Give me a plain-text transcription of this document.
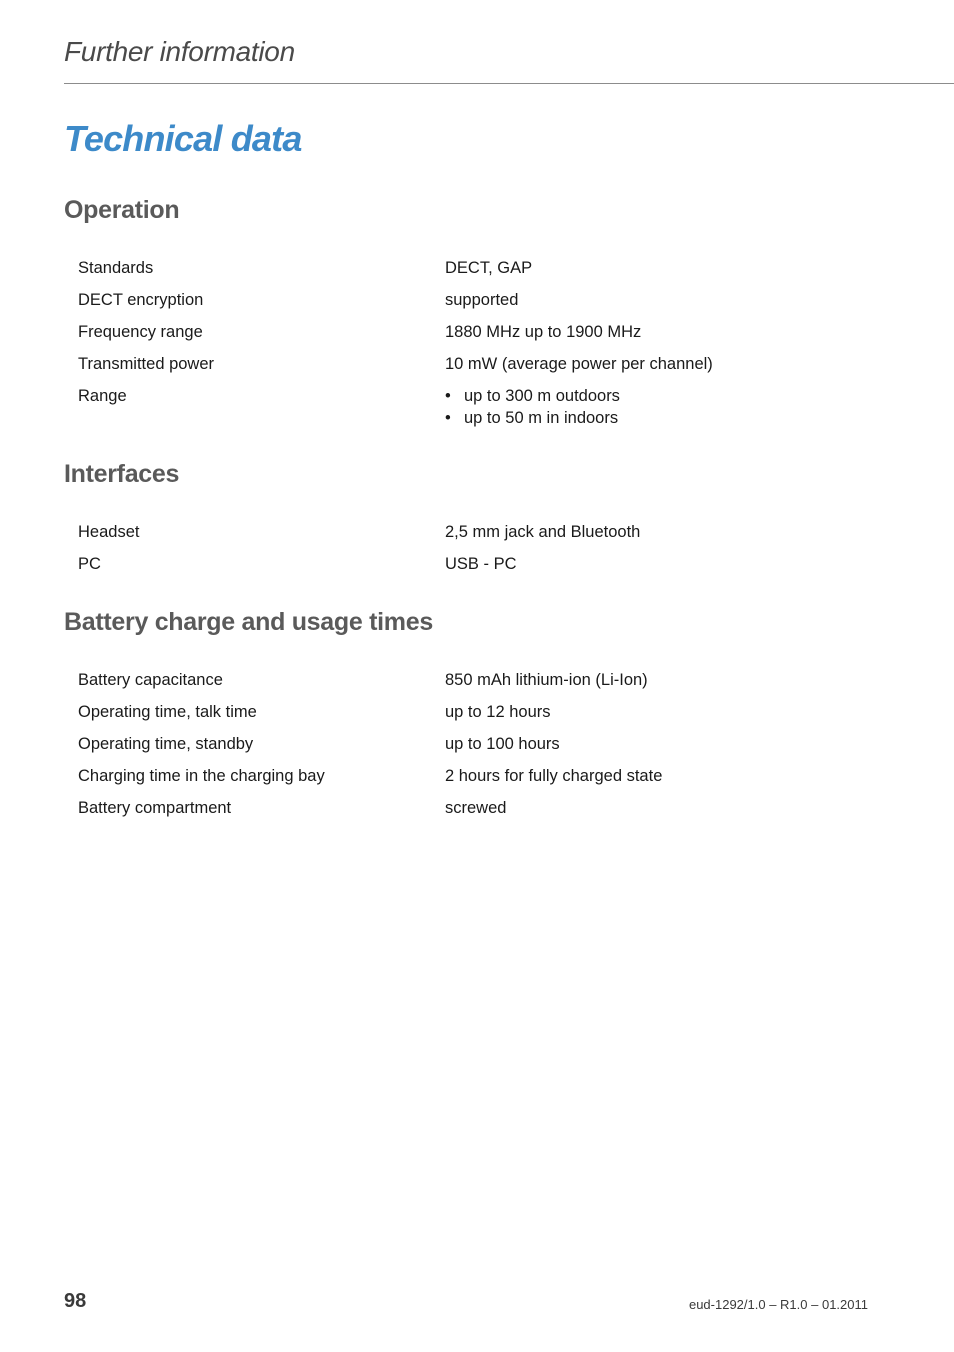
Further information
Technical data
Operation
Standards	DECT, GAP
DECT encryption	supported
Frequency range	1880 MHz up to 1900 MHz
Transmitted power	10 mW (average power per channel)
Range	• up to 300 m outdoors
• up to 50 m in indoors
Interfaces
Headset	2,5 mm jack and Bluetooth
PC	USB - PC
Battery charge and usage times
Battery capacitance	850 mAh lithium-ion (Li-Ion)
Operating time, talk time	up to 12 hours
Operating time, standby	up to 100 hours
Charging time in the charging bay	2 hours for fully charged state
Battery compartment	screwed
98	eud-1292/1.0 – R1.0 – 01.2011
